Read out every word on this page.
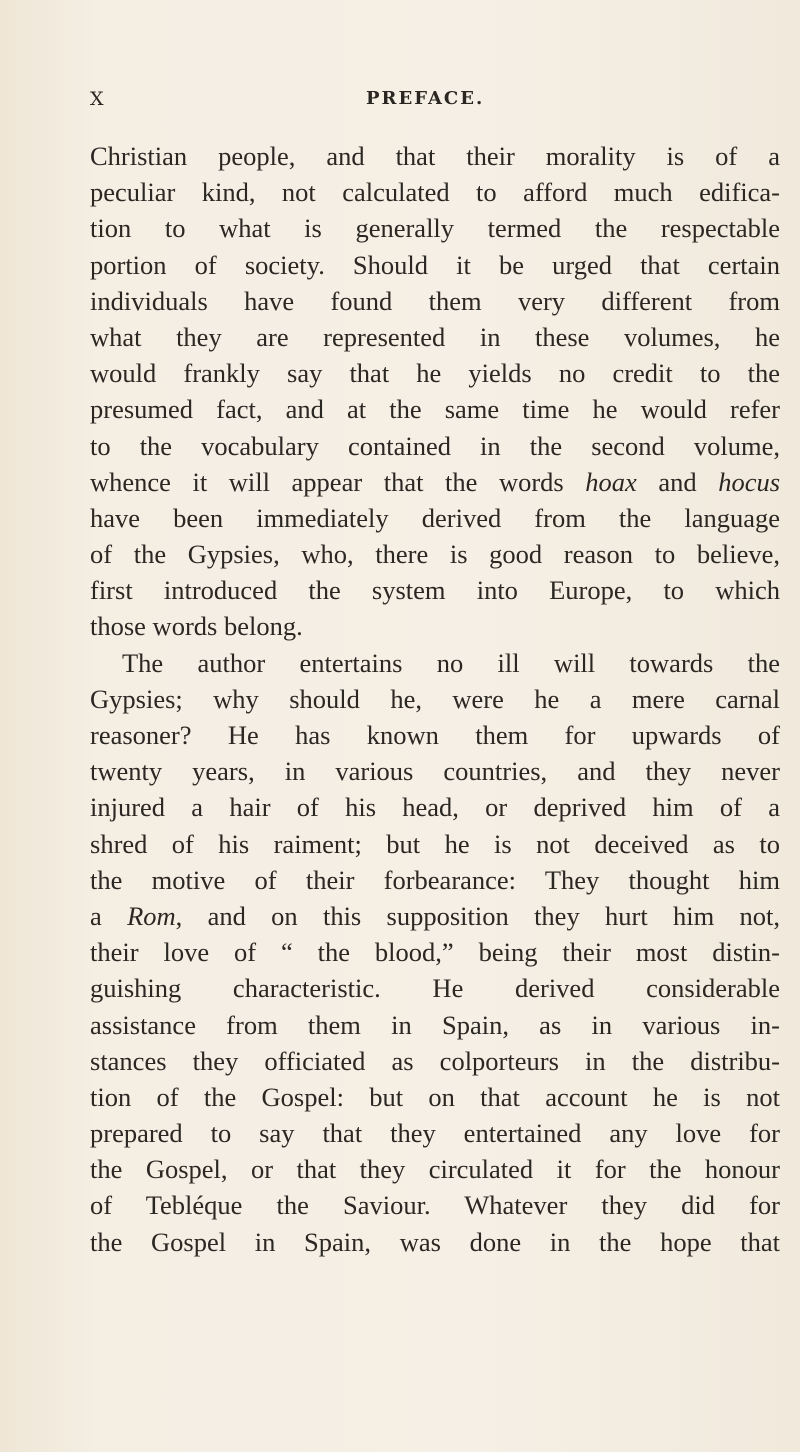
X	PREFACE.
Christian people, and that their morality is of a
peculiar kind, not calculated to afford much edifica-
tion to what is generally termed the respectable
portion of society. Should it be urged that certain
individuals have found them very different from
what they are represented in these volumes, he
would frankly say that he yields no credit to the
presumed fact, and at the same time he would refer
to the vocabulary contained in the second volume,
whence it will appear that the words hoax and hocus
have been immediately derived from the language
of the Gypsies, who, there is good reason to believe,
first introduced the system into Europe, to which
those words belong.
The author entertains no ill will towards the
Gypsies; why should he, were he a mere carnal
reasoner? He has known them for upwards of
twenty years, in various countries, and they never
injured a hair of his head, or deprived him of a
shred of his raiment; but he is not deceived as to
the motive of their forbearance: They thought him
a Rom, and on this supposition they hurt him not,
their love of “ the blood,” being their most distin-
guishing characteristic. He derived considerable
assistance from them in Spain, as in various in-
stances they officiated as colporteurs in the distribu-
tion of the Gospel: but on that account he is not
prepared to say that they entertained any love for
the Gospel, or that they circulated it for the honour
of Tebléque the Saviour. Whatever they did for
the Gospel in Spain, was done in the hope that
